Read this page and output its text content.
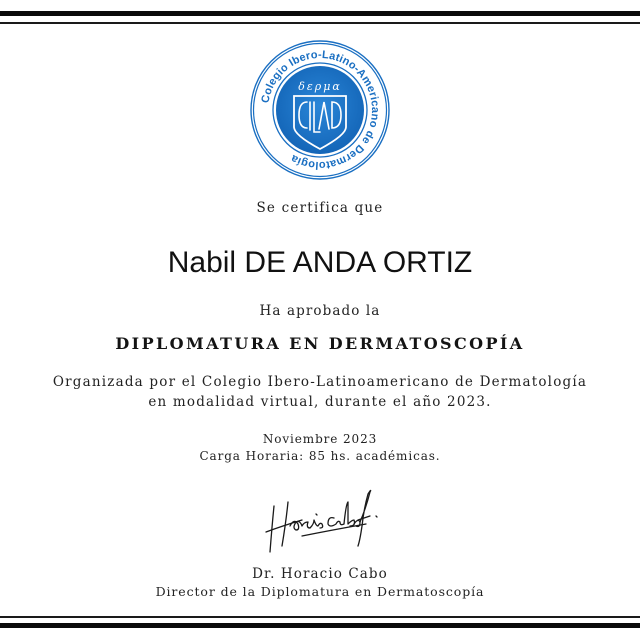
Colegio Ibero-Latino-Americano de Dermatología
δερμα
Se certifica que
Nabil DE ANDA ORTIZ
Ha aprobado la
DIPLOMATURA EN DERMATOSCOPÍA
Organizada por el Colegio Ibero-Latinoamericano de Dermatología
en modalidad virtual, durante el año 2023.
Noviembre 2023
Carga Horaria: 85 hs. académicas.
Dr. Horacio Cabo
Director de la Diplomatura en Dermatoscopía
